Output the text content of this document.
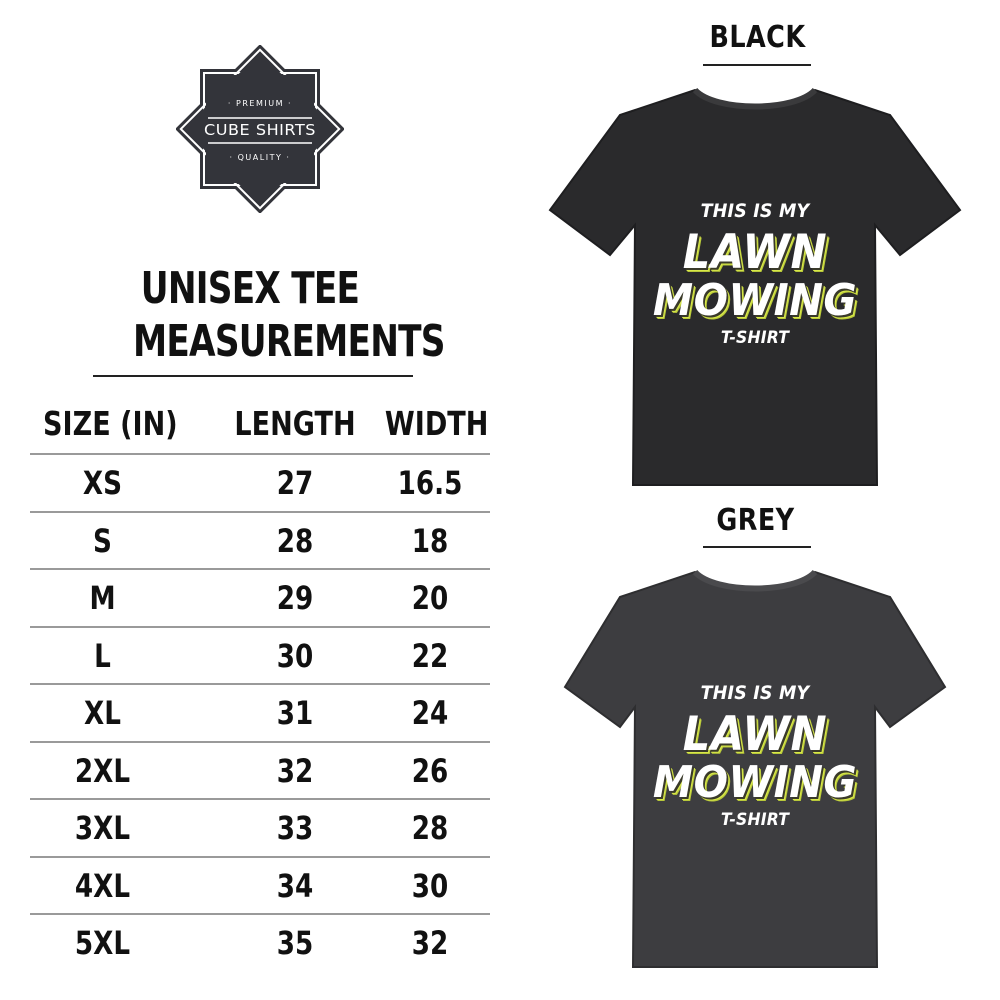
· PREMIUM ·
CUBE SHIRTS
· QUALITY ·
UNISEX TEE
MEASUREMENTS
SIZE (IN)	LENGTH WIDTH
XS	27	16.5
S	28	18
M	29	20
L	30	22
XL	31	24
2XL	32	26
3XL	33	28
4XL	34	30
5XL	35	32
BLACK
THIS IS MY
LAWN
MOWING
T-SHIRT
GREY
THIS IS MY
LAWN
MOWING
T-SHIRT
